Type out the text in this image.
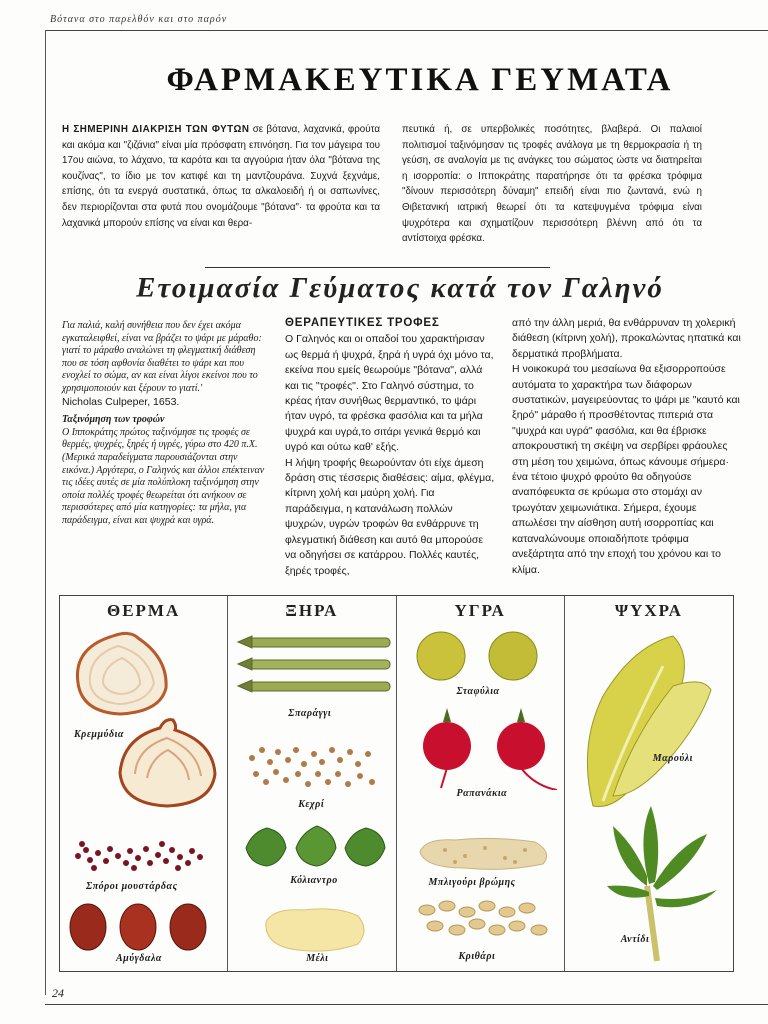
Βότανα στο παρελθόν και στο παρόν
ΦΑΡΜΑΚΕΥΤΙΚΑ ΓΕΥΜΑΤΑ

Η ΣΗΜΕΡΙΝΗ ΔΙΑΚΡΙΣΗ ΤΩΝ ΦΥΤΩΝ σε βότανα, λαχανικά, φρούτα και ακόμα και "ζιζάνια" είναι μία πρόσφατη επινόηση. Για τον μάγειρα του 17ου αιώνα, το λάχανο, τα καρότα και τα αγγούρια ήταν όλα "βότανα της κουζίνας", το ίδιο με τον κατιφέ και τη μαντζουράνα. Συχνά ξεχνάμε, επίσης, ότι τα ενεργά συστατικά, όπως τα αλκαλοειδή ή οι σαπωνίνες, δεν περιορίζονται στα φυτά που ονομάζουμε "βότανα"· τα φρούτα και τα λαχανικά μπορούν επίσης να είναι και θερα-

πευτικά ή, σε υπερβολικές ποσότητες, βλαβερά. Οι παλαιοί πολιτισμοί ταξινόμησαν τις τροφές ανάλογα με τη θερμοκρασία ή τη γεύση, σε αναλογία με τις ανάγκες του σώματος ώστε να διατηρείται η ισορροπία: ο Ιπποκράτης παρατήρησε ότι τα φρέσκα τρόφιμα "δίνουν περισσότερη δύναμη" επειδή είναι πιο ζωντανά, ενώ η Θιβετανική ιατρική θεωρεί ότι τα κατεψυγμένα τρόφιμα είναι ψυχρότερα και σχηματίζουν περισσότερη βλέννη από ότι τα αντίστοιχα φρέσκα.

Ετοιμασία Γεύματος κατά τον Γαληνό
Για παλιά, καλή συνήθεια που δεν έχει ακόμα εγκαταλειφθεί, είναι να βράζει το ψάρι με μάραθο: γιατί το μάραθο αναλώνει τη φλεγματική διάθεση που σε τόση αφθονία διαθέτει το ψάρι και που ενοχλεί το σώμα, αν και είναι λίγοι εκείνοι που το χρησιμοποιούν και ξέρουν το γιατί.'
Nicholas Culpeper, 1653.
Ταξινόμηση των τροφών
Ο Ιπποκράτης πρώτος ταξινόμησε τις τροφές σε θερμές, ψυχρές, ξηρές ή υγρές, γύρω στο 420 π.Χ. (Μερικά παραδείγματα παρουσιάζονται στην εικόνα.) Αργότερα, ο Γαληνός και άλλοι επέκτειναν τις ιδέες αυτές σε μία πολύπλοκη ταξινόμηση στην οποία πολλές τροφές θεωρείται ότι ανήκουν σε περισσότερες από μία κατηγορίες: τα μήλα, για παράδειγμα, είναι και ψυχρά και υγρά.

ΘΕΡΑΠΕΥΤΙΚΕΣ ΤΡΟΦΕΣ

Ο Γαληνός και οι οπαδοί του χαρακτήρισαν ως θερμά ή ψυχρά, ξηρά ή υγρά όχι μόνο τα, εκείνα που εμείς θεωρούμε "βότανα", αλλά και τις "τροφές". Στο Γαληνό σύστημα, το κρέας ήταν συνήθως θερμαντικό, το ψάρι ήταν υγρό, τα φρέσκα φασόλια και τα μήλα ψυχρά και υγρά,το σιτάρι γενικά θερμό και υγρό και ούτω καθ' εξής.

Η λήψη τροφής θεωρούνταν ότι είχε άμεση δράση στις τέσσερις διαθέσεις: αίμα, φλέγμα, κίτρινη χολή και μαύρη χολή. Για παράδειγμα, η κατανάλωση πολλών ψυχρών, υγρών τροφών θα ενθάρρυνε τη φλεγματική διάθεση και αυτό θα μπορούσε να οδηγήσει σε κατάρρου. Πολλές καυτές, ξηρές τροφές,

από την άλλη μεριά, θα ενθάρρυναν τη χολερική διάθεση (κίτρινη χολή), προκαλώντας ηπατικά και δερματικά προβλήματα.

Η νοικοκυρά του μεσαίωνα θα εξισορροπούσε αυτόματα το χαρακτήρα των διάφορων συστατικών, μαγειρεύοντας το ψάρι με "καυτό και ξηρό" μάραθο ή προσθέτοντας πιπεριά στα "ψυχρά και υγρά" φασόλια, και θα έβρισκε αποκρουστική τη σκέψη να σερβίρει φράουλες στη μέση του χειμώνα, όπως κάνουμε σήμερα· ένα τέτοιο ψυχρό φρούτο θα οδηγούσε αναπόφευκτα σε κρύωμα στο στομάχι αν τρωγόταν χειμωνιάτικα. Σήμερα, έχουμε απωλέσει την αίσθηση αυτή ισορροπίας και καταναλώνουμε οποιαδήποτε τρόφιμα ανεξάρτητα από την εποχή του χρόνου και το κλίμα.

ΘΕΡΜΑ
Κρεμμύδια
Σπόροι μουστάρδας
Αμύγδαλα
ΞΗΡΑ
Σπαράγγι
Κεχρί
Κόλιαντρο
Μέλι
ΥΓΡΑ
Σταφύλια
Ραπανάκια
Μπλιγούρι βρώμης
Κριθάρι
ΨΥΧΡΑ
Μαρούλι
Αντίδι
24
